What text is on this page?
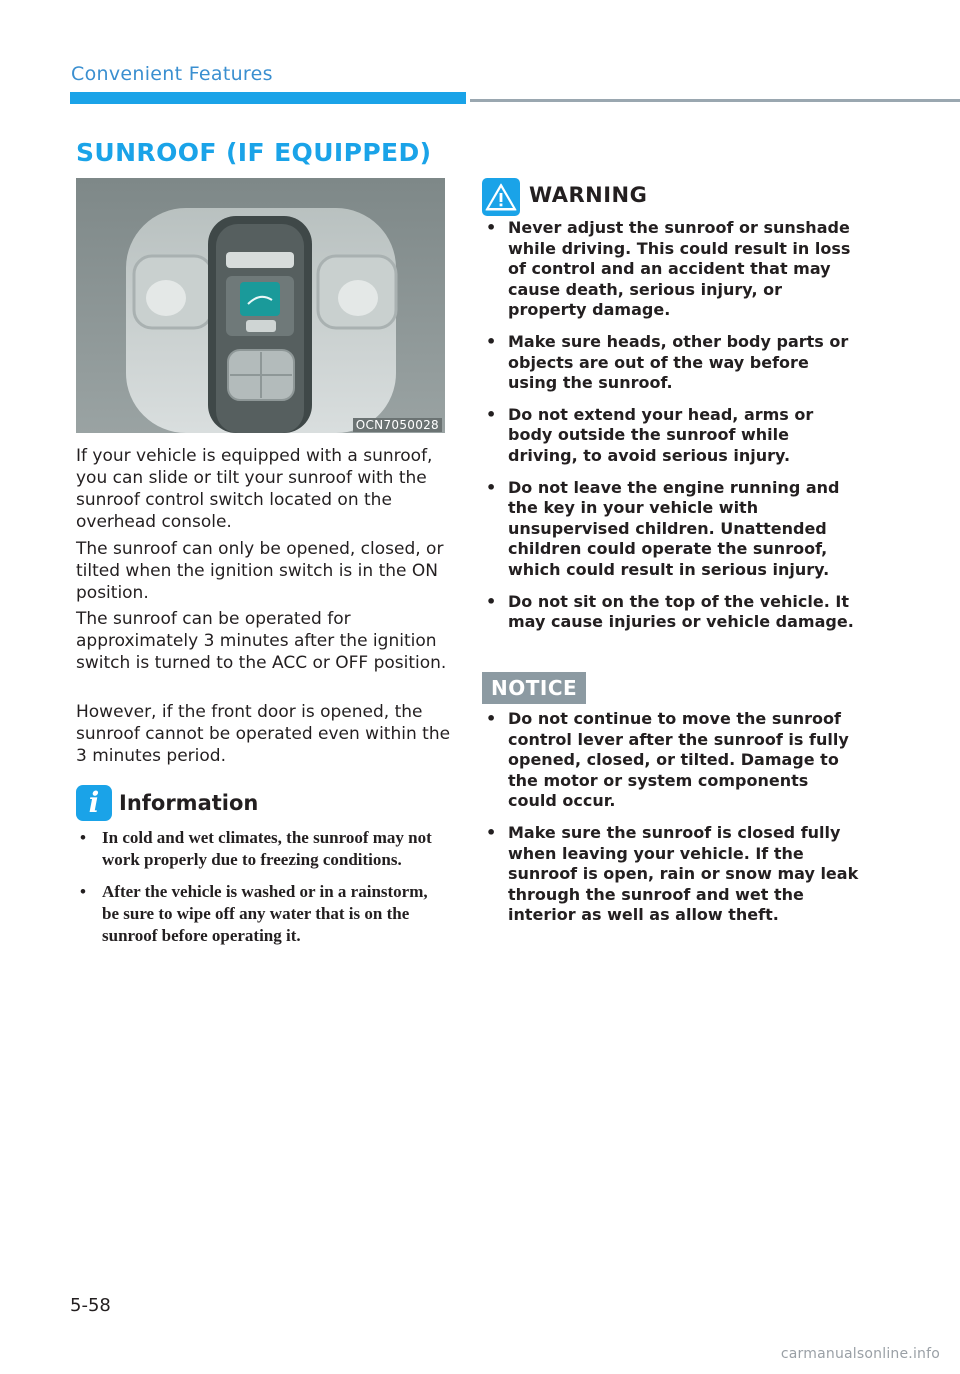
Convenient Features
SUNROOF (IF EQUIPPED)
OCN7050028
If your vehicle is equipped with a sunroof, you can slide or tilt your sunroof with the sunroof control switch located on the overhead console.
The sunroof can only be opened, closed, or tilted when the ignition switch is in the ON position.
The sunroof can be operated for approximately 3 minutes after the ignition switch is turned to the ACC or OFF position.
However, if the front door is opened, the sunroof cannot be operated even within the 3 minutes period.
i Information
• In cold and wet climates, the sunroof may not work properly due to freezing conditions.
• After the vehicle is washed or in a rainstorm, be sure to wipe off any water that is on the sunroof before operating it.
WARNING
• Never adjust the sunroof or sunshade while driving. This could result in loss of control and an accident that may cause death, serious injury, or property damage.
• Make sure heads, other body parts or objects are out of the way before using the sunroof.
• Do not extend your head, arms or body outside the sunroof while driving, to avoid serious injury.
• Do not leave the engine running and the key in your vehicle with unsupervised children. Unattended children could operate the sunroof, which could result in serious injury.
• Do not sit on the top of the vehicle. It may cause injuries or vehicle damage.
NOTICE
• Do not continue to move the sunroof control lever after the sunroof is fully opened, closed, or tilted. Damage to the motor or system components could occur.
• Make sure the sunroof is closed fully when leaving your vehicle. If the sunroof is open, rain or snow may leak through the sunroof and wet the interior as well as allow theft.
5-58
carmanualsonline.info
